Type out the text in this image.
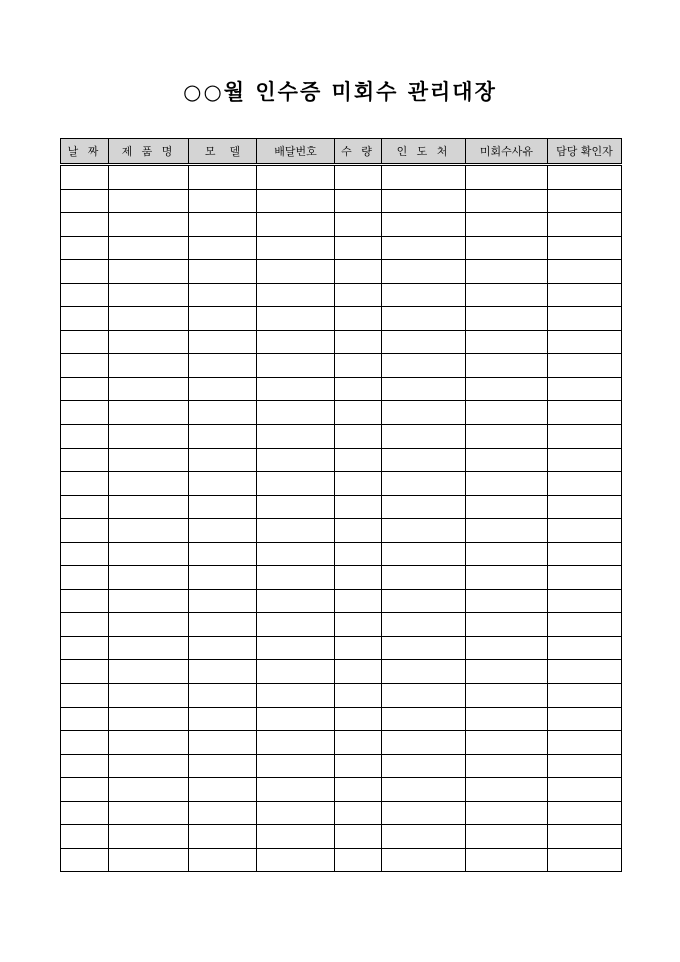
○○월 인수증 미회수 관리대장
날 짜	제 품 명	모    델	배달번호	수 량	인 도 처	미회수사유	담당 확인자
